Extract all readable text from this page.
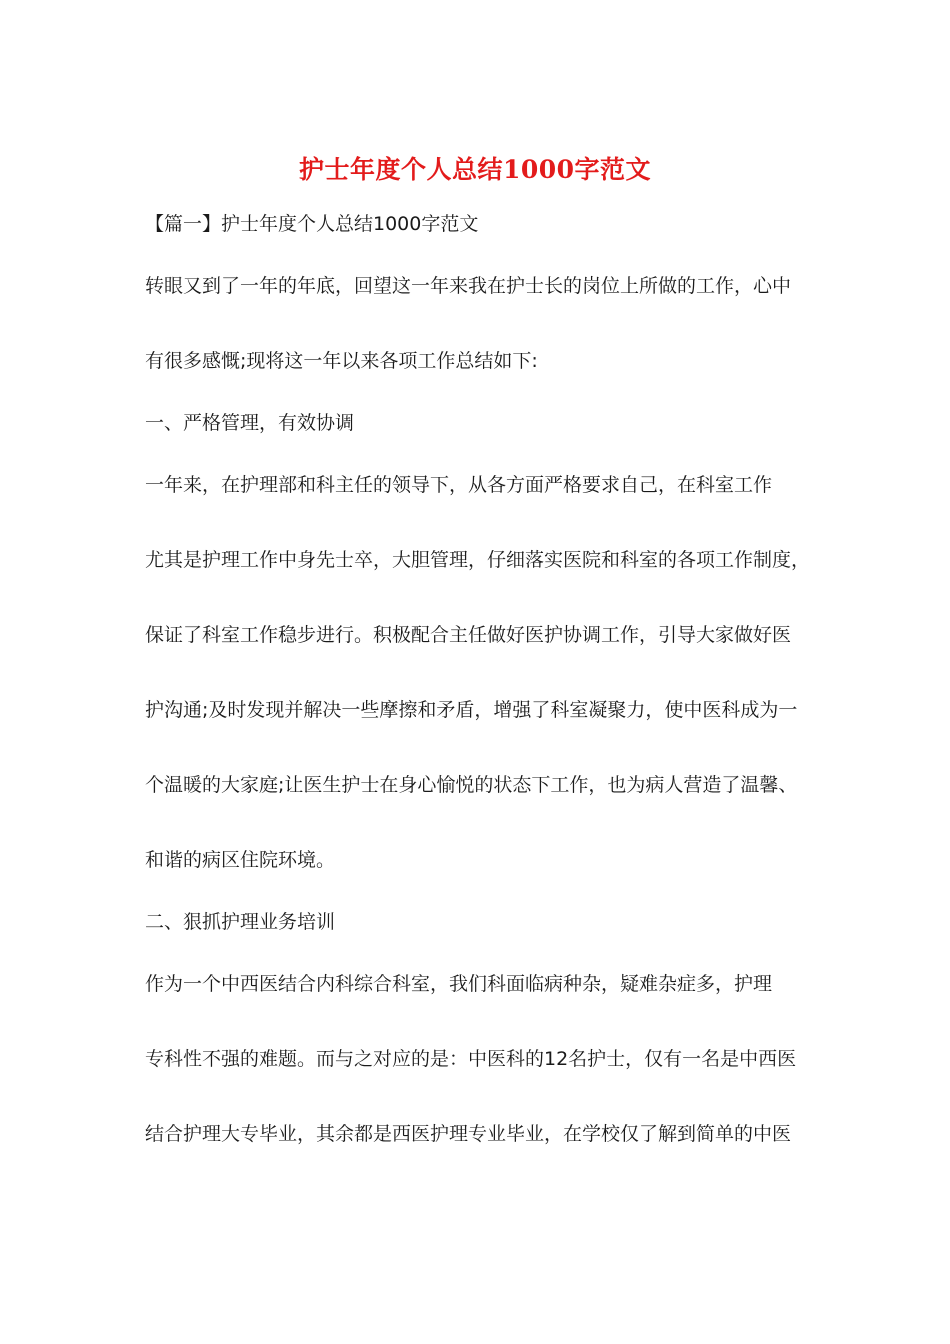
护士年度个人总结1000字范文

【篇一】护士年度个人总结1000字范文

转眼又到了一年的年底，回望这一年来我在护士长的岗位上所做的工作，心中

有很多感慨;现将这一年以来各项工作总结如下:

一、严格管理，有效协调

一年来，在护理部和科主任的领导下，从各方面严格要求自己，在科室工作

尤其是护理工作中身先士卒，大胆管理，仔细落实医院和科室的各项工作制度，

保证了科室工作稳步进行。积极配合主任做好医护协调工作，引导大家做好医

护沟通;及时发现并解决一些摩擦和矛盾，增强了科室凝聚力，使中医科成为一

个温暖的大家庭;让医生护士在身心愉悦的状态下工作，也为病人营造了温馨、

和谐的病区住院环境。

二、狠抓护理业务培训

作为一个中西医结合内科综合科室，我们科面临病种杂，疑难杂症多，护理

专科性不强的难题。而与之对应的是：中医科的12名护士，仅有一名是中西医

结合护理大专毕业，其余都是西医护理专业毕业，在学校仅了解到简单的中医
